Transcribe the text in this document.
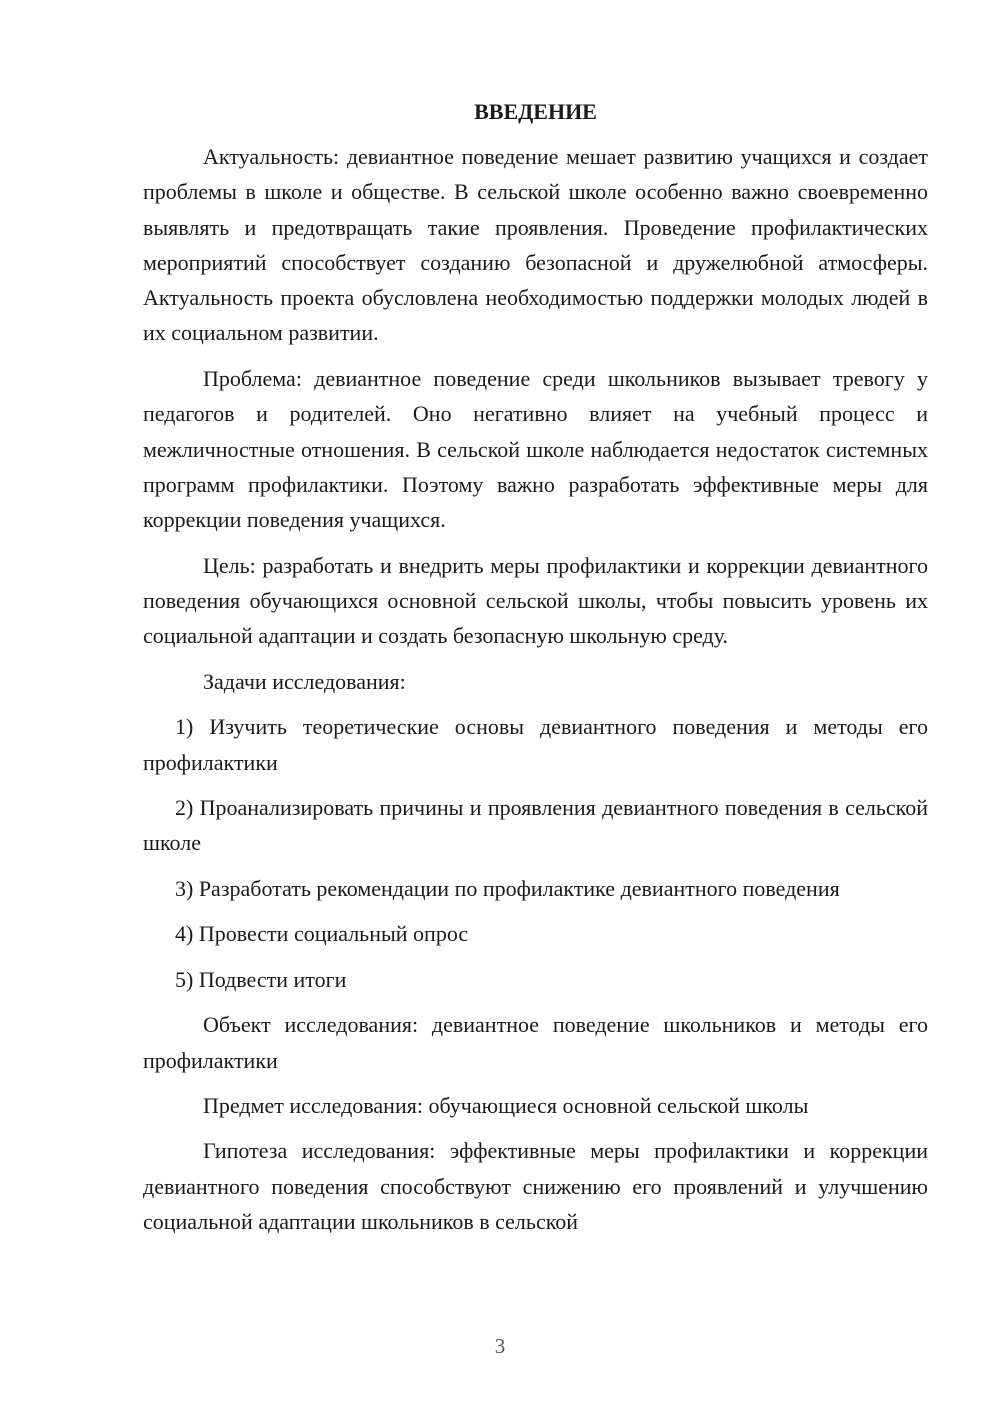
ВВЕДЕНИЕ

Актуальность: девиантное поведение мешает развитию учащихся и создает проблемы в школе и обществе. В сельской школе особенно важно своевременно выявлять и предотвращать такие проявления. Проведение профилактических мероприятий способствует созданию безопасной и дружелюбной атмосферы. Актуальность проекта обусловлена необходимостью поддержки молодых людей в их социальном развитии.

Проблема: девиантное поведение среди школьников вызывает тревогу у педагогов и родителей. Оно негативно влияет на учебный процесс и межличностные отношения. В сельской школе наблюдается недостаток системных программ профилактики. Поэтому важно разработать эффективные меры для коррекции поведения учащихся.

Цель: разработать и внедрить меры профилактики и коррекции девиантного поведения обучающихся основной сельской школы, чтобы повысить уровень их социальной адаптации и создать безопасную школьную среду.

Задачи исследования:

1) Изучить теоретические основы девиантного поведения и методы его профилактики

2) Проанализировать причины и проявления девиантного поведения в сельской школе

3) Разработать рекомендации по профилактике девиантного поведения

4) Провести социальный опрос

5) Подвести итоги

Объект исследования: девиантное поведение школьников и методы его профилактики

Предмет исследования: обучающиеся основной сельской школы

Гипотеза исследования: эффективные меры профилактики и коррекции девиантного поведения способствуют снижению его проявлений и улучшению социальной адаптации школьников в сельской

3
